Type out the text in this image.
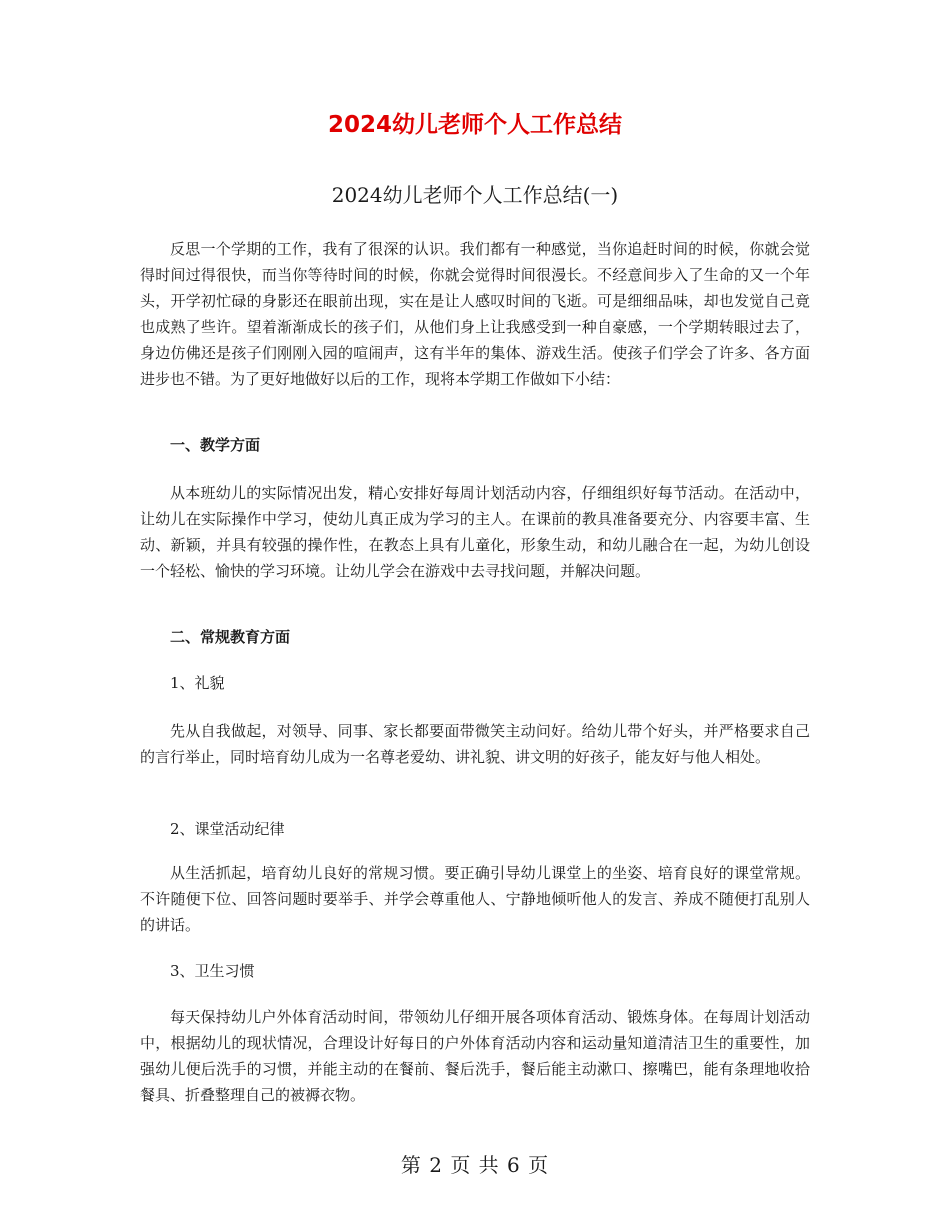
2024幼儿老师个人工作总结
2024幼儿老师个人工作总结(一)

反思一个学期的工作，我有了很深的认识。我们都有一种感觉，当你追赶时间的时候，你就会觉得时间过得很快，而当你等待时间的时候，你就会觉得时间很漫长。不经意间步入了生命的又一个年头，开学初忙碌的身影还在眼前出现，实在是让人感叹时间的飞逝。可是细细品味，却也发觉自己竟也成熟了些许。望着渐渐成长的孩子们，从他们身上让我感受到一种自豪感，一个学期转眼过去了，身边仿佛还是孩子们刚刚入园的喧闹声，这有半年的集体、游戏生活。使孩子们学会了许多、各方面进步也不错。为了更好地做好以后的工作，现将本学期工作做如下小结：

一、教学方面

从本班幼儿的实际情况出发，精心安排好每周计划活动内容，仔细组织好每节活动。在活动中，让幼儿在实际操作中学习，使幼儿真正成为学习的主人。在课前的教具准备要充分、内容要丰富、生动、新颖，并具有较强的操作性，在教态上具有儿童化，形象生动，和幼儿融合在一起，为幼儿创设一个轻松、愉快的学习环境。让幼儿学会在游戏中去寻找问题，并解决问题。

二、常规教育方面
1、礼貌

先从自我做起，对领导、同事、家长都要面带微笑主动问好。给幼儿带个好头，并严格要求自己的言行举止，同时培育幼儿成为一名尊老爱幼、讲礼貌、讲文明的好孩子，能友好与他人相处。

2、课堂活动纪律

从生活抓起，培育幼儿良好的常规习惯。要正确引导幼儿课堂上的坐姿、培育良好的课堂常规。不许随便下位、回答问题时要举手、并学会尊重他人、宁静地倾听他人的发言、养成不随便打乱别人的讲话。

3、卫生习惯

每天保持幼儿户外体育活动时间，带领幼儿仔细开展各项体育活动、锻炼身体。在每周计划活动中，根据幼儿的现状情况，合理设计好每日的户外体育活动内容和运动量知道清洁卫生的重要性，加强幼儿便后洗手的习惯，并能主动的在餐前、餐后洗手，餐后能主动漱口、擦嘴巴，能有条理地收拾餐具、折叠整理自己的被褥衣物。

第 2 页 共 6 页
